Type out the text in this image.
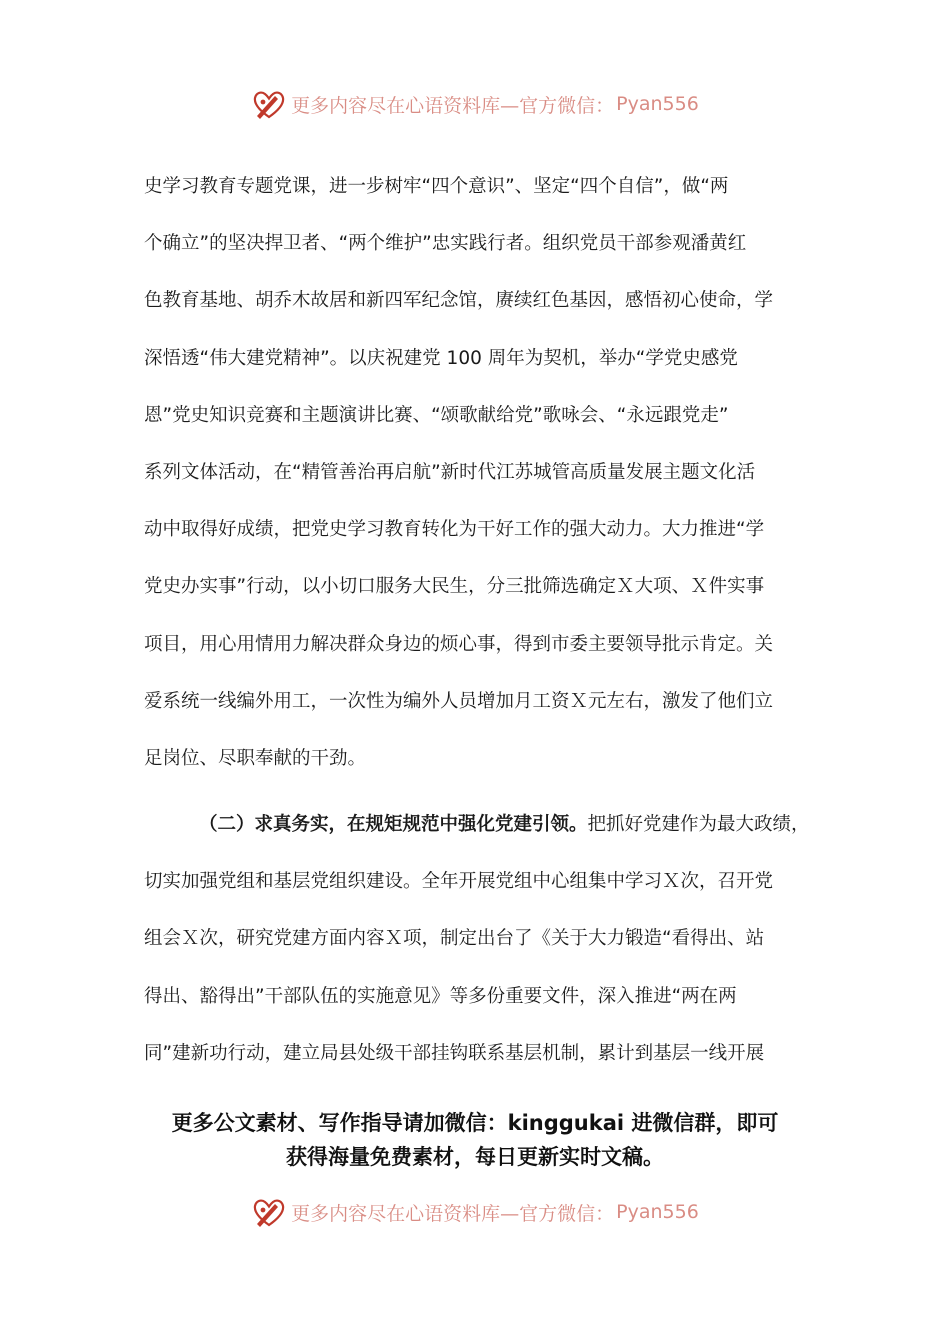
更多内容尽在心语资料库—官方微信： Pyan556
史学习教育专题党课，进一步树牢“四个意识”、坚定“四个自信”，做“两
个确立”的坚决捍卫者、“两个维护”忠实践行者。组织党员干部参观潘黄红
色教育基地、胡乔木故居和新四军纪念馆，赓续红色基因，感悟初心使命，学
深悟透“伟大建党精神”。以庆祝建党 100 周年为契机，举办“学党史感党
恩”党史知识竞赛和主题演讲比赛、“颂歌献给党”歌咏会、“永远跟党走”
系列文体活动，在“精管善治再启航”新时代江苏城管高质量发展主题文化活
动中取得好成绩，把党史学习教育转化为干好工作的强大动力。大力推进“学
党史办实事”行动，以小切口服务大民生，分三批筛选确定Ｘ大项、Ｘ件实事
项目，用心用情用力解决群众身边的烦心事，得到市委主要领导批示肯定。关
爱系统一线编外用工，一次性为编外人员增加月工资Ｘ元左右，激发了他们立
足岗位、尽职奉献的干劲。
（二）求真务实，在规矩规范中强化党建引领。把抓好党建作为最大政绩，
切实加强党组和基层党组织建设。全年开展党组中心组集中学习Ｘ次，召开党
组会Ｘ次，研究党建方面内容Ｘ项，制定出台了《关于大力锻造“看得出、站
得出、豁得出”干部队伍的实施意见》等多份重要文件，深入推进“两在两
同”建新功行动，建立局县处级干部挂钩联系基层机制，累计到基层一线开展
更多公文素材、写作指导请加微信：kinggukai 进微信群，即可
获得海量免费素材，每日更新实时文稿。
更多内容尽在心语资料库—官方微信： Pyan556
